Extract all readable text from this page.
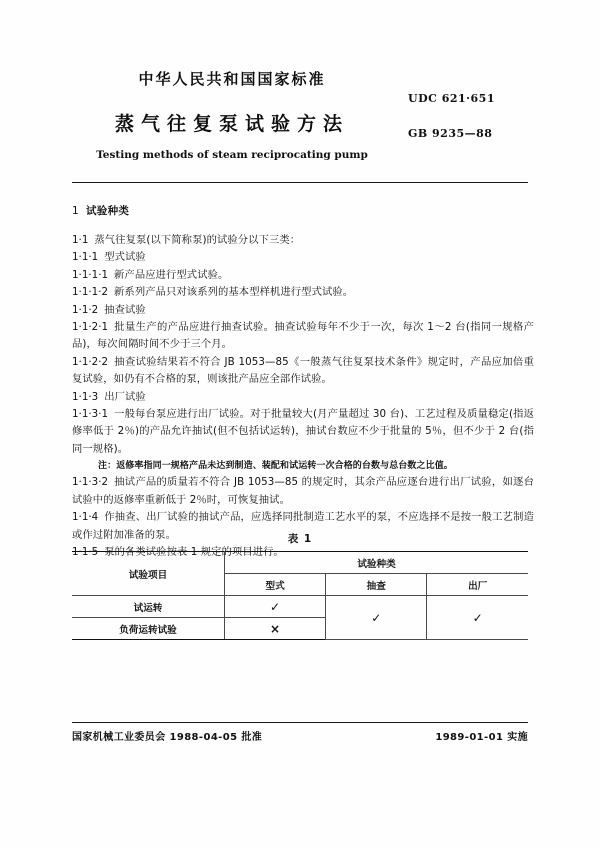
中华人民共和国国家标准
蒸气往复泵试验方法
Testing methods of steam reciprocating pump
UDC 621·651
GB 9235—88
1 试验种类
1·1 蒸气往复泵(以下简称泵)的试验分以下三类：
1·1·1 型式试验
1·1·1·1 新产品应进行型式试验。
1·1·1·2 新系列产品只对该系列的基本型样机进行型式试验。
1·1·2 抽查试验
1·1·2·1 批量生产的产品应进行抽查试验。抽查试验每年不少于一次，每次 1～2 台(指同一规格产品)，每次间隔时间不少于三个月。
1·1·2·2 抽查试验结果若不符合 JB 1053—85《一般蒸气往复泵技术条件》规定时，产品应加倍重复试验，如仍有不合格的泵，则该批产品应全部作试验。
1·1·3 出厂试验
1·1·3·1 一般每台泵应进行出厂试验。对于批量较大(月产量超过 30 台)、工艺过程及质量稳定(指返修率低于 2％)的产品允许抽试(但不包括试运转)，抽试台数应不少于批量的 5％，但不少于 2 台(指同一规格)。
注：返修率指同一规格产品未达到制造、装配和试运转一次合格的台数与总台数之比值。
1·1·3·2 抽试产品的质量若不符合 JB 1053—85 的规定时，其余产品应逐台进行出厂试验，如逐台试验中的返修率重新低于 2％时，可恢复抽试。
1·1·4 作抽查、出厂试验的抽试产品，应选择同批制造工艺水平的泵，不应选择不是按一般工艺制造或作过附加准备的泵。
1·1·5 泵的各类试验按表 1 规定的项目进行。
表 1
试验项目	试验种类		
	型式	抽查	出厂
试运转	✓	✓	✓
负荷运转试验	×		
国家机械工业委员会 1988-04-05 批准	1989-01-01 实施
